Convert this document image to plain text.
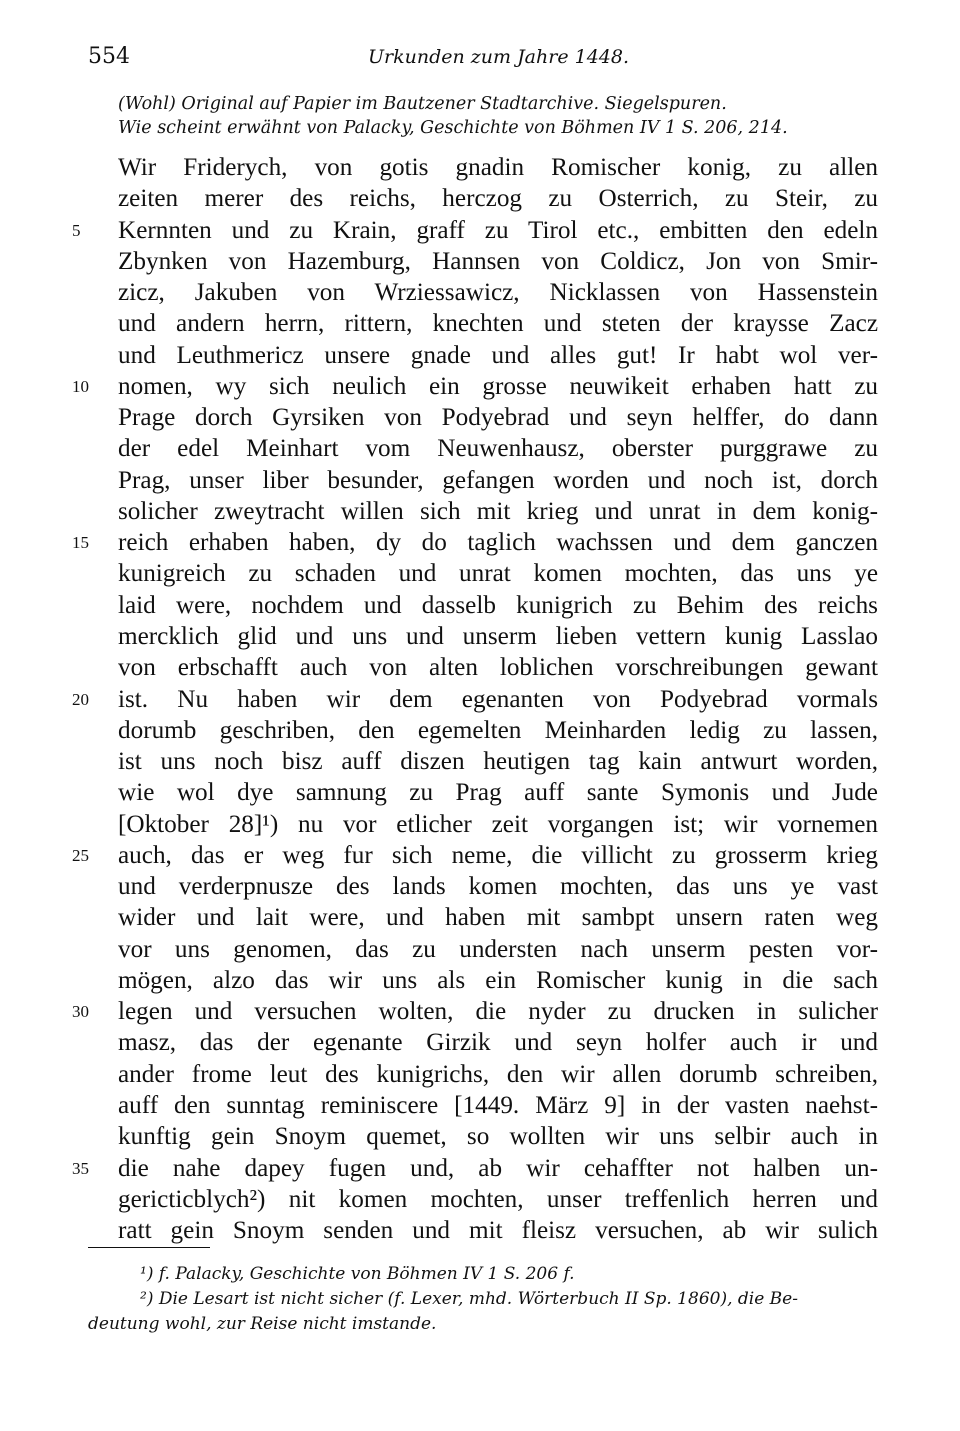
554	Urkunden zum Jahre 1448.
(Wohl) Original auf Papier im Bautzener Stadtarchive. Siegelspuren.
Wie scheint erwähnt von Palacky, Geschichte von Böhmen IV 1 S. 206, 214.
Wir Friderych, von gotis gnadin Romischer konig, zu allen
zeiten merer des reichs, herczog zu Osterrich, zu Steir, zu
5	Kernnten und zu Krain, graff zu Tirol etc., embitten den edeln
Zbynken von Hazemburg, Hannsen von Coldicz, Jon von Smir-
zicz, Jakuben von Wrziessawicz, Nicklassen von Hassenstein
und andern herrn, rittern, knechten und steten der kraysse Zacz
und Leuthmericz unsere gnade und alles gut! Ir habt wol ver-
10	nomen, wy sich neulich ein grosse neuwikeit erhaben hatt zu
Prage dorch Gyrsiken von Podyebrad und seyn helffer, do dann
der edel Meinhart vom Neuwenhausz, oberster purggrawe zu
Prag, unser liber besunder, gefangen worden und noch ist, dorch
solicher zweytracht willen sich mit krieg und unrat in dem konig-
15	reich erhaben haben, dy do taglich wachssen und dem ganczen
kunigreich zu schaden und unrat komen mochten, das uns ye
laid were, nochdem und dasselb kunigrich zu Behim des reichs
mercklich glid und uns und unserm lieben vettern kunig Lasslao
von erbschafft auch von alten loblichen vorschreibungen gewant
20	ist. Nu haben wir dem egenanten von Podyebrad vormals
dorumb geschriben, den egemelten Meinharden ledig zu lassen,
ist uns noch bisz auff diszen heutigen tag kain antwurt worden,
wie wol dye samnung zu Prag auff sante Symonis und Jude
[Oktober 28]¹) nu vor etlicher zeit vorgangen ist; wir vornemen
25	auch, das er weg fur sich neme, die villicht zu grosserm krieg
und verderpnusze des lands komen mochten, das uns ye vast
wider und lait were, und haben mit sambpt unsern raten weg
vor uns genomen, das zu understen nach unserm pesten vor-
mögen, alzo das wir uns als ein Romischer kunig in die sach
30	legen und versuchen wolten, die nyder zu drucken in sulicher
masz, das der egenante Girzik und seyn holfer auch ir und
ander frome leut des kunigrichs, den wir allen dorumb schreiben,
auff den sunntag reminiscere [1449. März 9] in der vasten naehst-
kunftig gein Snoym quemet, so wollten wir uns selbir auch in
35	die nahe dapey fugen und, ab wir cehaffter not halben un-
gericticblych²) nit komen mochten, unser treffenlich herren und
ratt gein Snoym senden und mit fleisz versuchen, ab wir sulich
¹) f. Palacky, Geschichte von Böhmen IV 1 S. 206 f.
²) Die Lesart ist nicht sicher (f. Lexer, mhd. Wörterbuch II Sp. 1860), die Be-
deutung wohl, zur Reise nicht imstande.
